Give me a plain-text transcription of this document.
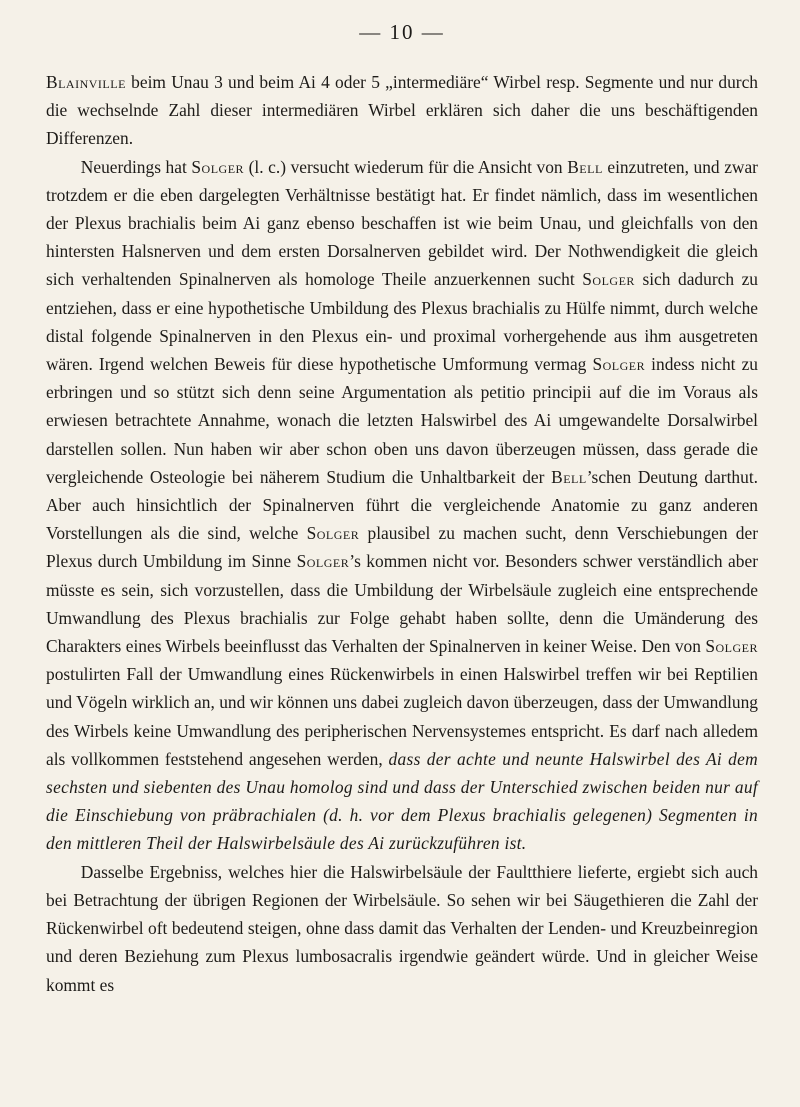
— 10 —

Blainville beim Unau 3 und beim Ai 4 oder 5 „intermediäre“ Wirbel resp. Segmente und nur durch die wechselnde Zahl dieser intermediären Wirbel erklären sich daher die uns beschäftigenden Differenzen.

Neuerdings hat Solger (l. c.) versucht wiederum für die Ansicht von Bell einzutreten, und zwar trotzdem er die eben dargelegten Verhältnisse bestätigt hat. Er findet nämlich, dass im wesentlichen der Plexus brachialis beim Ai ganz ebenso beschaffen ist wie beim Unau, und gleichfalls von den hintersten Halsnerven und dem ersten Dorsalnerven gebildet wird. Der Nothwendigkeit die gleich sich verhaltenden Spinalnerven als homologe Theile anzuerkennen sucht Solger sich dadurch zu entziehen, dass er eine hypothetische Umbildung des Plexus brachialis zu Hülfe nimmt, durch welche distal folgende Spinalnerven in den Plexus ein- und proximal vorhergehende aus ihm ausgetreten wären. Irgend welchen Beweis für diese hypothetische Umformung vermag Solger indess nicht zu erbringen und so stützt sich denn seine Argumentation als petitio principii auf die im Voraus als erwiesen betrachtete Annahme, wonach die letzten Halswirbel des Ai umgewandelte Dorsalwirbel darstellen sollen. Nun haben wir aber schon oben uns davon überzeugen müssen, dass gerade die vergleichende Osteologie bei näherem Studium die Unhaltbarkeit der Bell’schen Deutung darthut. Aber auch hinsichtlich der Spinalnerven führt die vergleichende Anatomie zu ganz anderen Vorstellungen als die sind, welche Solger plausibel zu machen sucht, denn Verschiebungen der Plexus durch Umbildung im Sinne Solger’s kommen nicht vor. Besonders schwer verständlich aber müsste es sein, sich vorzustellen, dass die Umbildung der Wirbelsäule zugleich eine entsprechende Umwandlung des Plexus brachialis zur Folge gehabt haben sollte, denn die Umänderung des Charakters eines Wirbels beeinflusst das Verhalten der Spinalnerven in keiner Weise. Den von Solger postulirten Fall der Umwandlung eines Rückenwirbels in einen Halswirbel treffen wir bei Reptilien und Vögeln wirklich an, und wir können uns dabei zugleich davon überzeugen, dass der Umwandlung des Wirbels keine Umwandlung des peripherischen Nervensystemes entspricht. Es darf nach alledem als vollkommen feststehend angesehen werden, dass der achte und neunte Halswirbel des Ai dem sechsten und siebenten des Unau homolog sind und dass der Unterschied zwischen beiden nur auf die Einschiebung von präbrachialen (d. h. vor dem Plexus brachialis gelegenen) Segmenten in den mittleren Theil der Halswirbelsäule des Ai zurückzuführen ist.

Dasselbe Ergebniss, welches hier die Halswirbelsäule der Faultthiere lieferte, ergiebt sich auch bei Betrachtung der übrigen Regionen der Wirbelsäule. So sehen wir bei Säugethieren die Zahl der Rückenwirbel oft bedeutend steigen, ohne dass damit das Verhalten der Lenden- und Kreuzbeinregion und deren Beziehung zum Plexus lumbosacralis irgendwie geändert würde. Und in gleicher Weise kommt es
